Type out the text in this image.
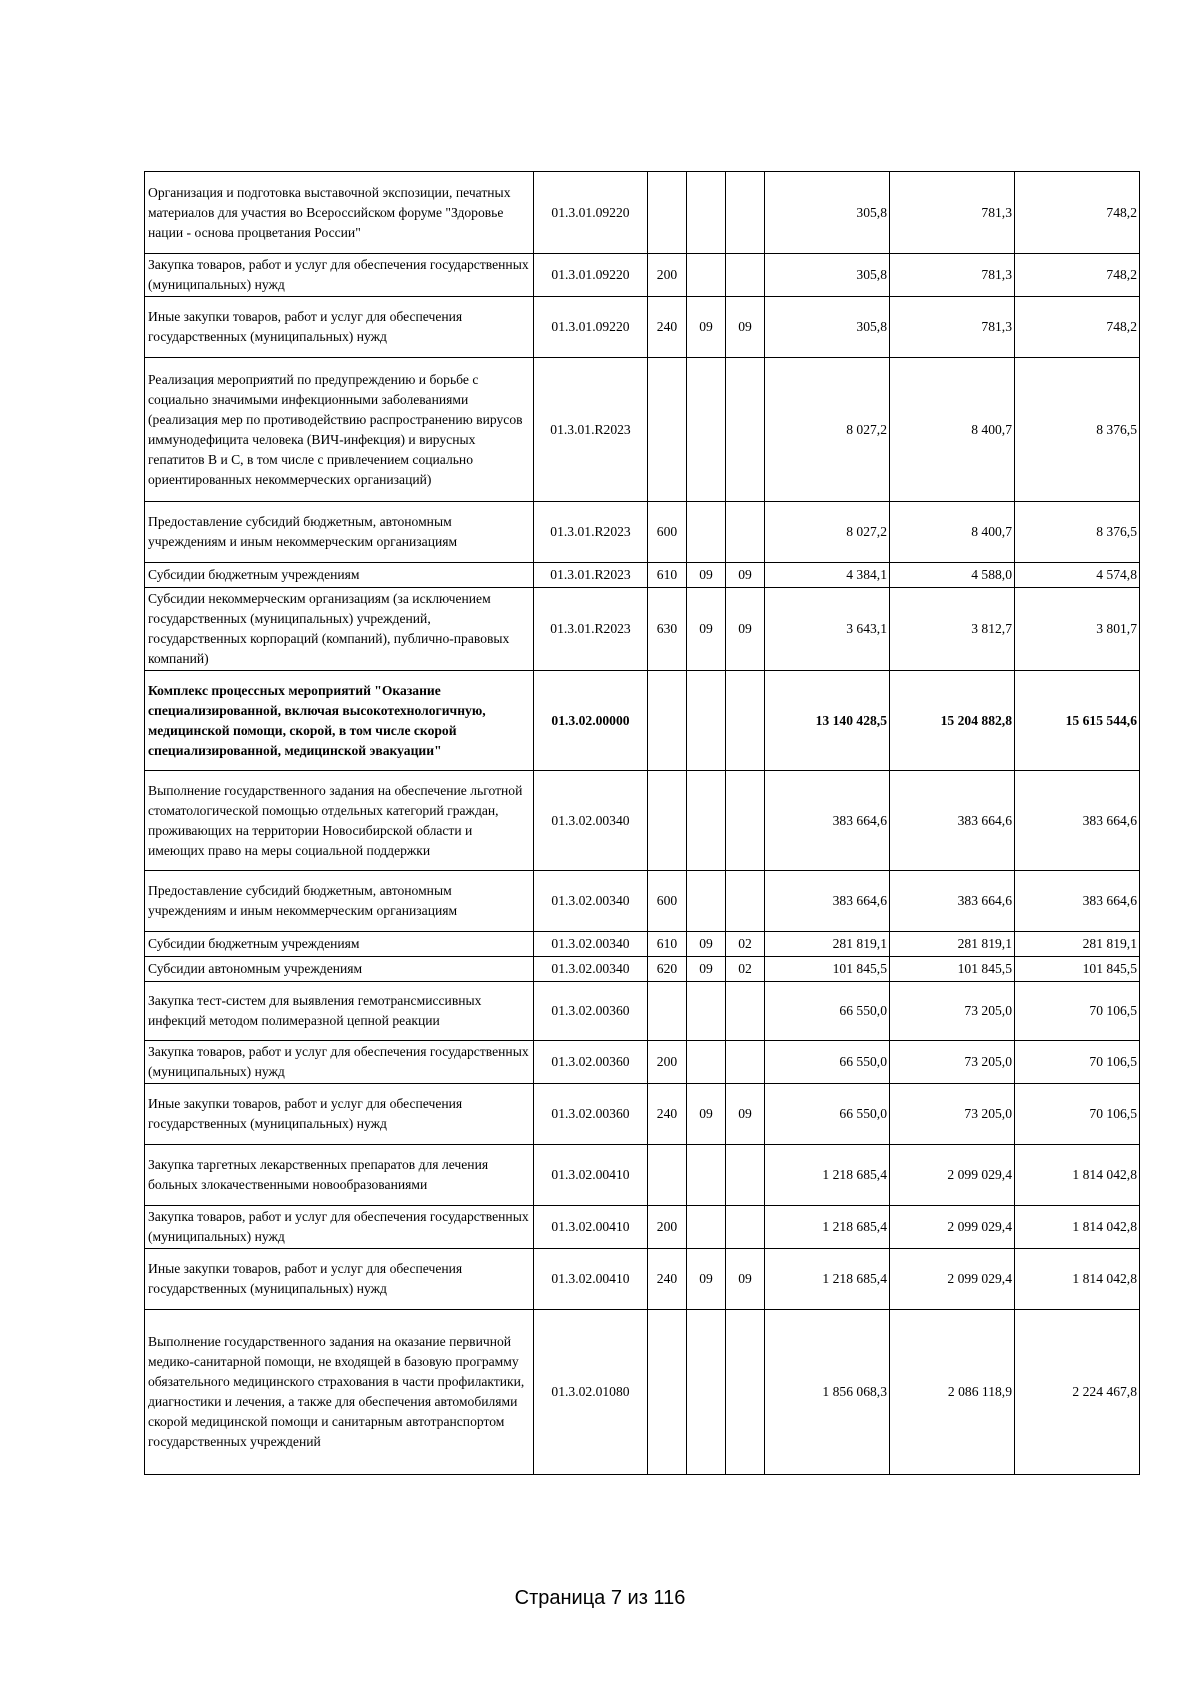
Организация и подготовка выставочной экспозиции, печатных материалов для участия во Всероссийском форуме "Здоровье нации - основа процветания России"	01.3.01.09220				305,8	781,3	748,2
Закупка товаров, работ и услуг для обеспечения государственных (муниципальных) нужд	01.3.01.09220	200			305,8	781,3	748,2
Иные закупки товаров, работ и услуг для обеспечения государственных (муниципальных) нужд	01.3.01.09220	240	09	09	305,8	781,3	748,2
Реализация мероприятий по предупреждению и борьбе с социально значимыми инфекционными заболеваниями (реализация мер по противодействию распространению вирусов иммунодефицита человека (ВИЧ-инфекция) и вирусных гепатитов В и С, в том числе с привлечением социально ориентированных некоммерческих организаций)	01.3.01.R2023				8 027,2	8 400,7	8 376,5
Предоставление субсидий бюджетным, автономным учреждениям и иным некоммерческим организациям	01.3.01.R2023	600			8 027,2	8 400,7	8 376,5
Субсидии бюджетным учреждениям	01.3.01.R2023	610	09	09	4 384,1	4 588,0	4 574,8
Субсидии некоммерческим организациям (за исключением государственных (муниципальных) учреждений, государственных корпораций (компаний), публично-правовых компаний)	01.3.01.R2023	630	09	09	3 643,1	3 812,7	3 801,7
Комплекс процессных мероприятий "Оказание специализированной, включая высокотехнологичную, медицинской помощи, скорой, в том числе скорой специализированной, медицинской эвакуации"	01.3.02.00000				13 140 428,5	15 204 882,8	15 615 544,6
Выполнение государственного задания на обеспечение льготной стоматологической помощью отдельных категорий граждан, проживающих на территории Новосибирской области и имеющих право на меры социальной поддержки	01.3.02.00340				383 664,6	383 664,6	383 664,6
Предоставление субсидий бюджетным, автономным учреждениям и иным некоммерческим организациям	01.3.02.00340	600			383 664,6	383 664,6	383 664,6
Субсидии бюджетным учреждениям	01.3.02.00340	610	09	02	281 819,1	281 819,1	281 819,1
Субсидии автономным учреждениям	01.3.02.00340	620	09	02	101 845,5	101 845,5	101 845,5
Закупка тест-систем для выявления гемотрансмиссивных инфекций методом полимеразной цепной реакции	01.3.02.00360				66 550,0	73 205,0	70 106,5
Закупка товаров, работ и услуг для обеспечения государственных (муниципальных) нужд	01.3.02.00360	200			66 550,0	73 205,0	70 106,5
Иные закупки товаров, работ и услуг для обеспечения государственных (муниципальных) нужд	01.3.02.00360	240	09	09	66 550,0	73 205,0	70 106,5
Закупка таргетных лекарственных препаратов для лечения больных злокачественными новообразованиями	01.3.02.00410				1 218 685,4	2 099 029,4	1 814 042,8
Закупка товаров, работ и услуг для обеспечения государственных (муниципальных) нужд	01.3.02.00410	200			1 218 685,4	2 099 029,4	1 814 042,8
Иные закупки товаров, работ и услуг для обеспечения государственных (муниципальных) нужд	01.3.02.00410	240	09	09	1 218 685,4	2 099 029,4	1 814 042,8
Выполнение государственного задания на оказание первичной медико-санитарной помощи, не входящей в базовую программу обязательного медицинского страхования в части профилактики, диагностики и лечения, а также для обеспечения автомобилями скорой медицинской помощи и санитарным автотранспортом государственных учреждений	01.3.02.01080				1 856 068,3	2 086 118,9	2 224 467,8
Страница 7 из 116
